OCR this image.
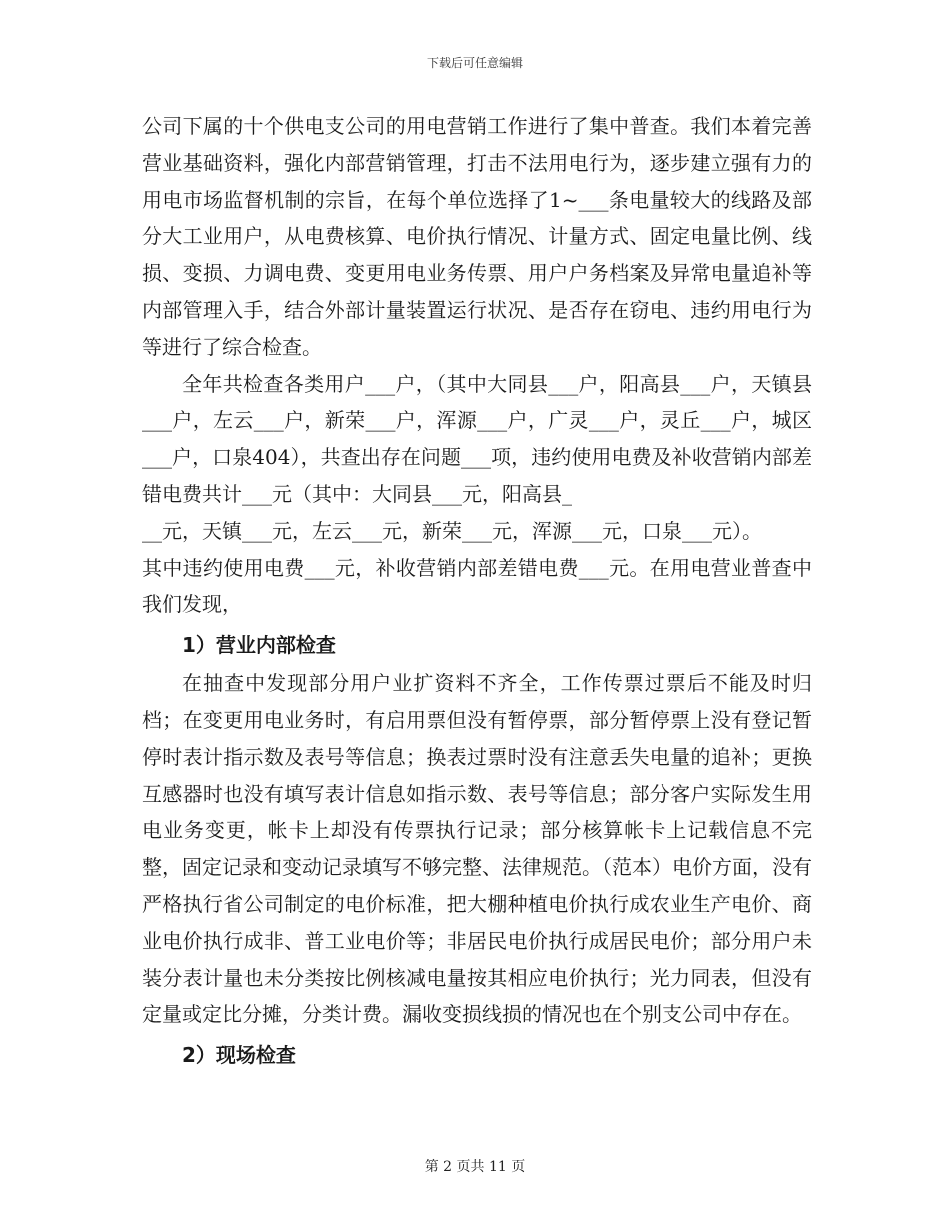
下载后可任意编辑

公司下属的十个供电支公司的用电营销工作进行了集中普查。我们本着完善营业基础资料，强化内部营销管理，打击不法用电行为，逐步建立强有力的用电市场监督机制的宗旨，在每个单位选择了1~___条电量较大的线路及部分大工业用户，从电费核算、电价执行情况、计量方式、固定电量比例、线损、变损、力调电费、变更用电业务传票、用户户务档案及异常电量追补等内部管理入手，结合外部计量装置运行状况、是否存在窃电、违约用电行为等进行了综合检查。

全年共检查各类用户___户，（其中大同县___户，阳高县___户，天镇县___户，左云___户，新荣___户，浑源___户，广灵___户，灵丘___户，城区___户，口泉404），共查出存在问题___项，违约使用电费及补收营销内部差错电费共计___元（其中：大同县___元，阳高县_

__元，天镇___元，左云___元，新荣___元，浑源___元，口泉___元）。

其中违约使用电费___元，补收营销内部差错电费___元。在用电营业普查中我们发现，

1）营业内部检查

在抽查中发现部分用户业扩资料不齐全，工作传票过票后不能及时归档；在变更用电业务时，有启用票但没有暂停票，部分暂停票上没有登记暂停时表计指示数及表号等信息；换表过票时没有注意丢失电量的追补；更换互感器时也没有填写表计信息如指示数、表号等信息；部分客户实际发生用电业务变更，帐卡上却没有传票执行记录；部分核算帐卡上记载信息不完整，固定记录和变动记录填写不够完整、法律规范。（范本）电价方面，没有严格执行省公司制定的电价标准，把大棚种植电价执行成农业生产电价、商业电价执行成非、普工业电价等；非居民电价执行成居民电价；部分用户未装分表计量也未分类按比例核减电量按其相应电价执行；光力同表，但没有定量或定比分摊，分类计费。漏收变损线损的情况也在个别支公司中存在。

2）现场检查

第 2 页共 11 页
